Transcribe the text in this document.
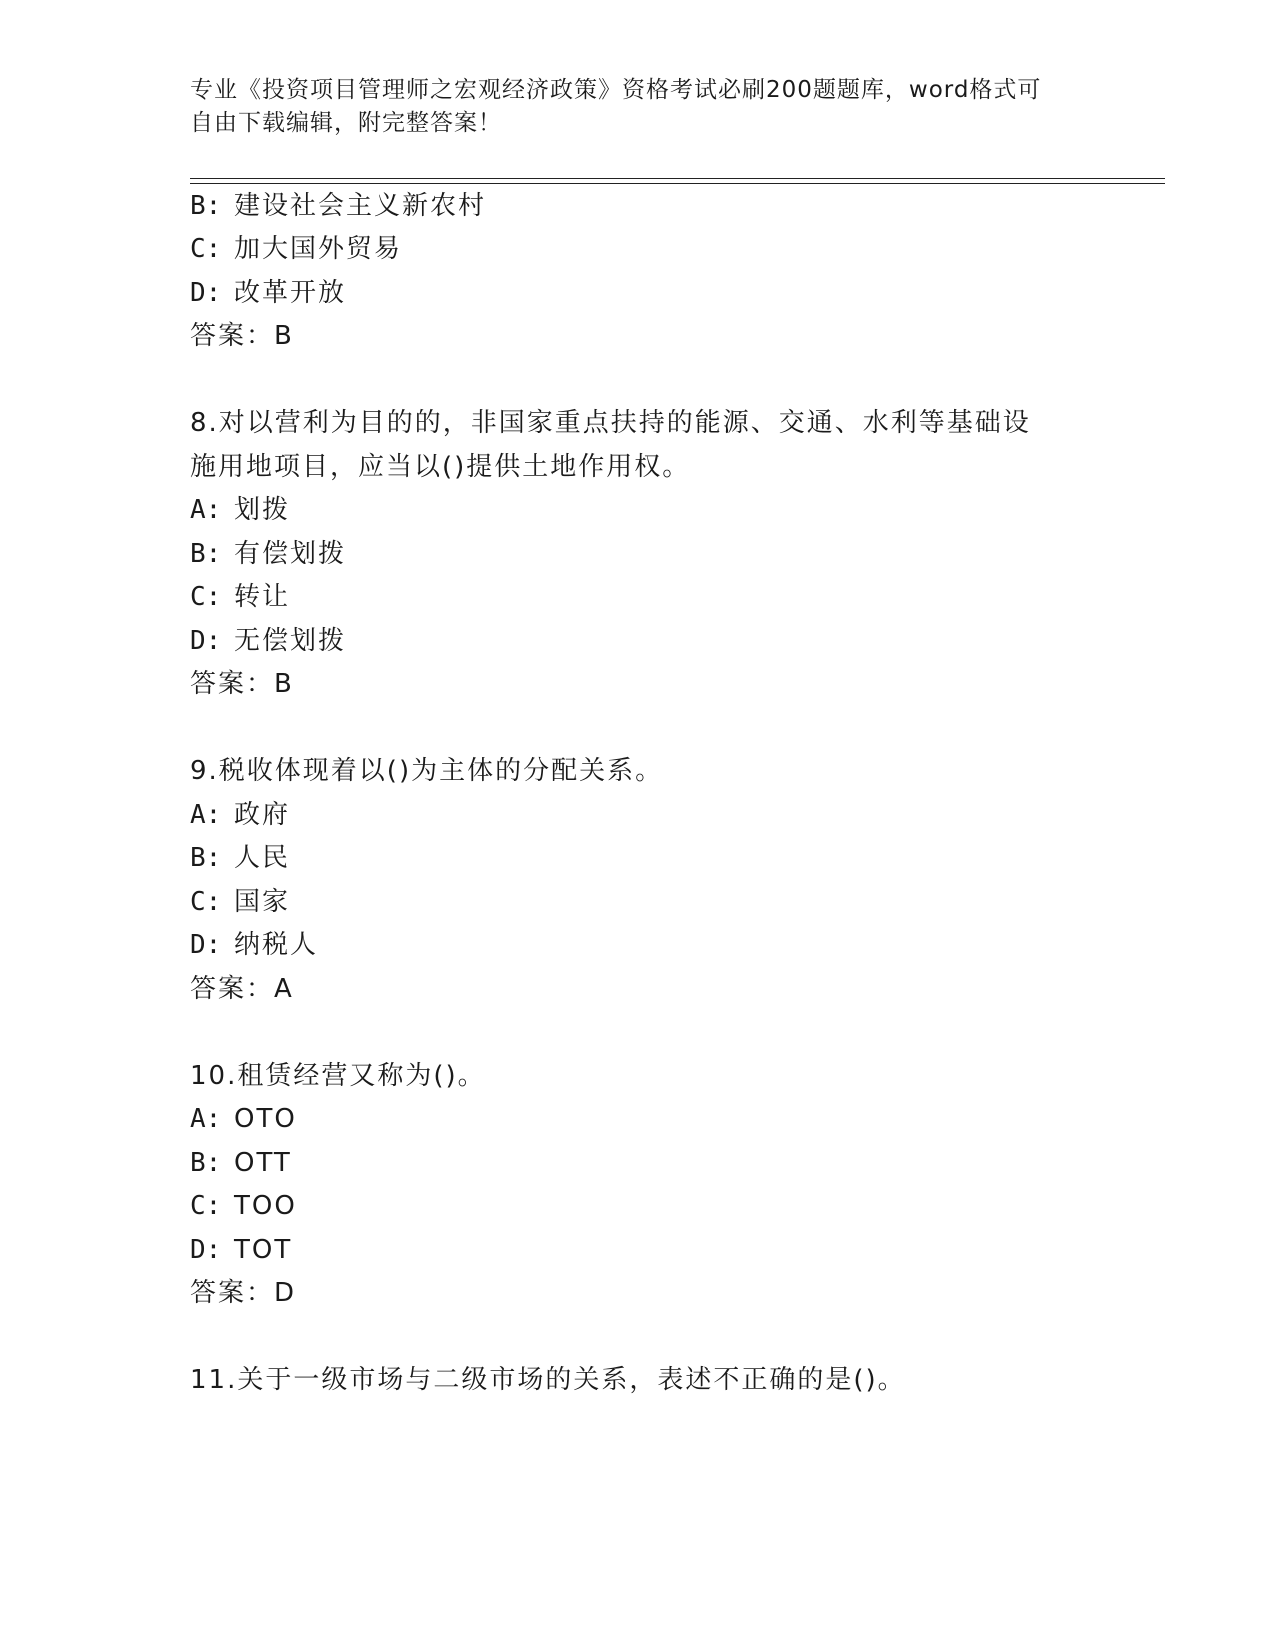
专业《投资项目管理师之宏观经济政策》资格考试必刷200题题库，word格式可
自由下载编辑，附完整答案！
B: 建设社会主义新农村
C: 加大国外贸易
D: 改革开放
答案：B
8.对以营利为目的的，非国家重点扶持的能源、交通、水利等基础设
施用地项目，应当以()提供土地作用权。
A: 划拨
B: 有偿划拨
C: 转让
D: 无偿划拨
答案：B
9.税收体现着以()为主体的分配关系。
A: 政府
B: 人民
C: 国家
D: 纳税人
答案：A
10.租赁经营又称为()。
A: OTO
B: OTT
C: TOO
D: TOT
答案：D
11.关于一级市场与二级市场的关系，表述不正确的是()。
